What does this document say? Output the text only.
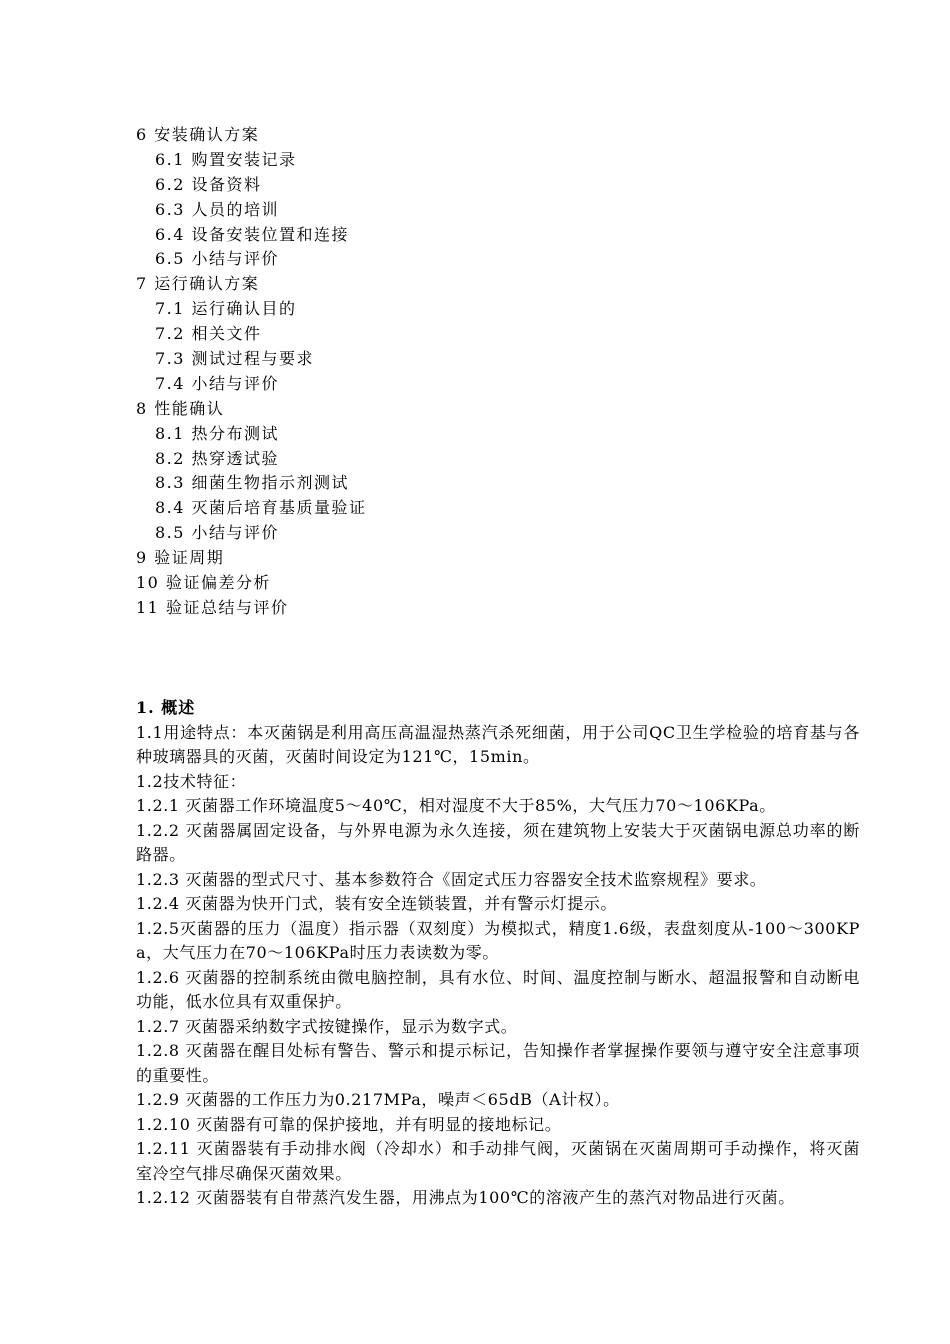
6 安装确认方案
6.1 购置安装记录
6.2 设备资料
6.3 人员的培训
6.4 设备安装位置和连接
6.5 小结与评价
7 运行确认方案
7.1 运行确认目的
7.2 相关文件
7.3 测试过程与要求
7.4 小结与评价
8 性能确认
8.1 热分布测试
8.2 热穿透试验
8.3 细菌生物指示剂测试
8.4 灭菌后培育基质量验证
8.5 小结与评价
9 验证周期
10 验证偏差分析
11 验证总结与评价
1. 概述
1.1用途特点：本灭菌锅是利用高压高温湿热蒸汽杀死细菌，用于公司QC卫生学检验的培育基与各种玻璃器具的灭菌，灭菌时间设定为121℃，15min。
1.2技术特征：
1.2.1 灭菌器工作环境温度5～40℃，相对湿度不大于85%，大气压力70～106KPa。
1.2.2 灭菌器属固定设备，与外界电源为永久连接，须在建筑物上安装大于灭菌锅电源总功率的断路器。
1.2.3 灭菌器的型式尺寸、基本参数符合《固定式压力容器安全技术监察规程》要求。
1.2.4 灭菌器为快开门式，装有安全连锁装置，并有警示灯提示。
1.2.5灭菌器的压力（温度）指示器（双刻度）为模拟式，精度1.6级，表盘刻度从-100～300KPa，大气压力在70～106KPa时压力表读数为零。
1.2.6 灭菌器的控制系统由微电脑控制，具有水位、时间、温度控制与断水、超温报警和自动断电功能，低水位具有双重保护。
1.2.7 灭菌器采纳数字式按键操作，显示为数字式。
1.2.8 灭菌器在醒目处标有警告、警示和提示标记，告知操作者掌握操作要领与遵守安全注意事项的重要性。
1.2.9 灭菌器的工作压力为0.217MPa，噪声＜65dB（A计权）。
1.2.10 灭菌器有可靠的保护接地，并有明显的接地标记。
1.2.11 灭菌器装有手动排水阀（冷却水）和手动排气阀，灭菌锅在灭菌周期可手动操作，将灭菌室冷空气排尽确保灭菌效果。
1.2.12 灭菌器装有自带蒸汽发生器，用沸点为100℃的溶液产生的蒸汽对物品进行灭菌。
